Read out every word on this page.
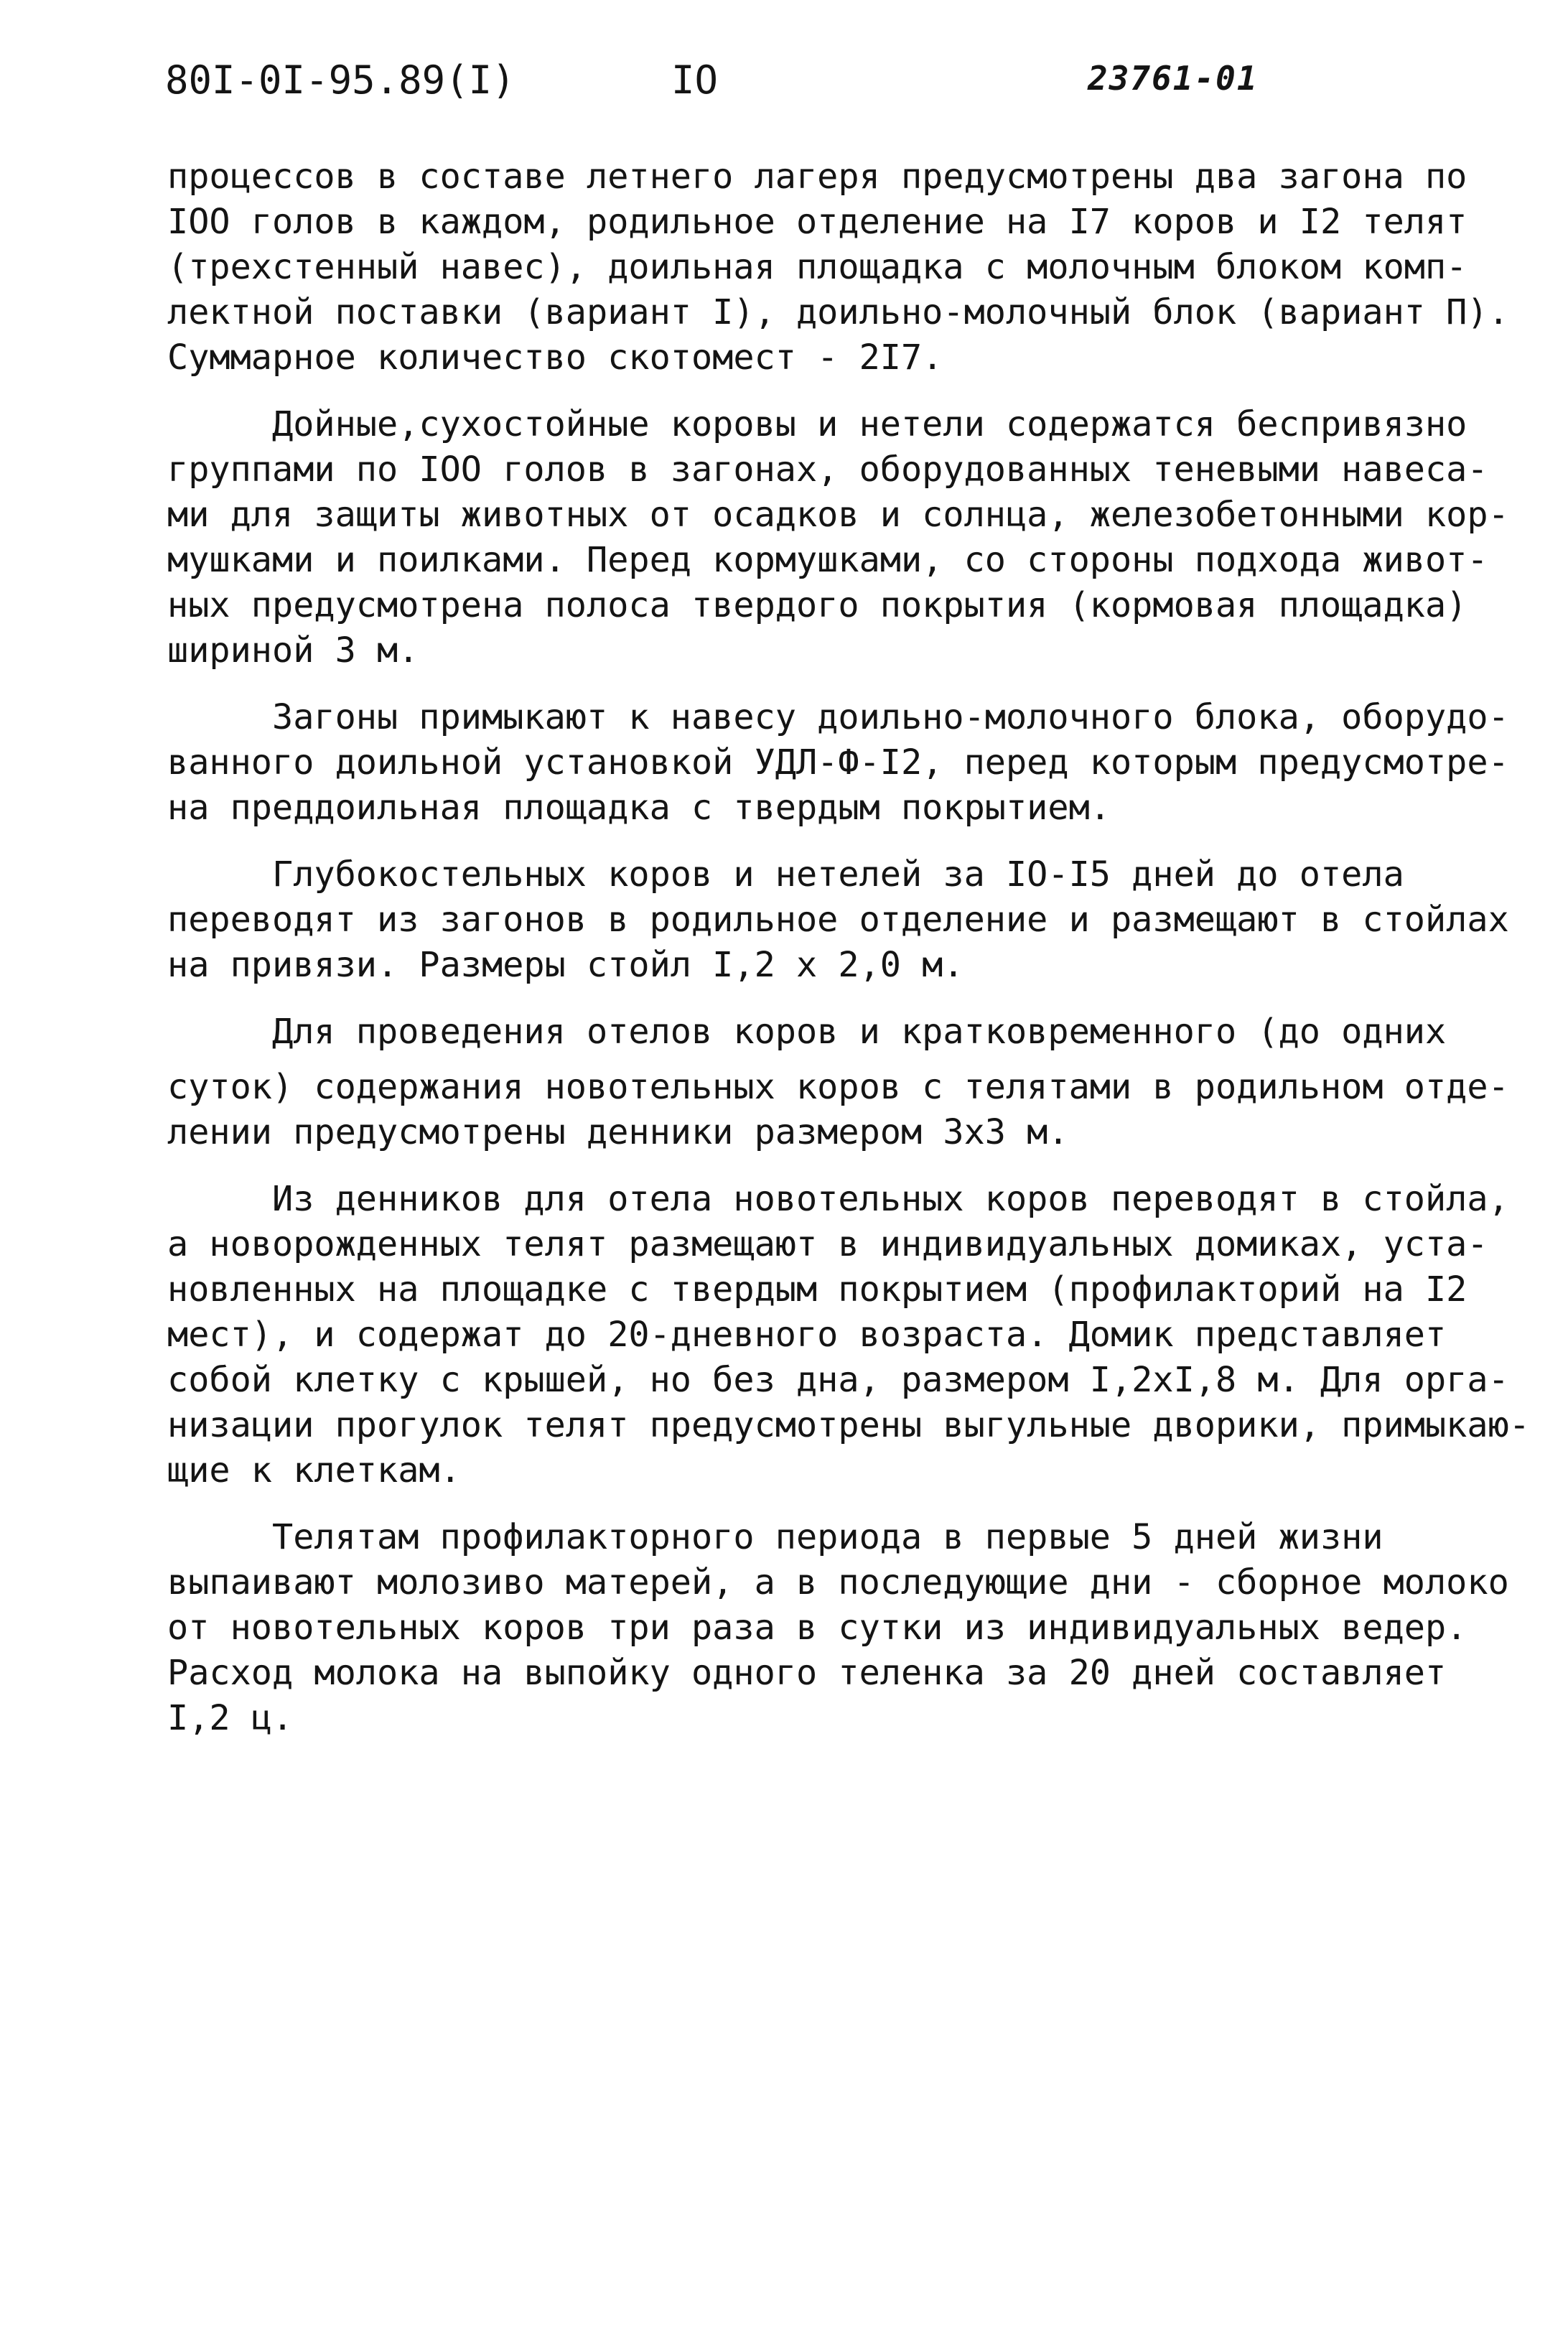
80I-0I-95.89(I)	IO	23761-01
процессов в составе летнего лагеря предусмотрены два загона по
IOO голов в каждом, родильное отделение на I7 коров и I2 телят
(трехстенный навес), доильная площадка с молочным блоком комп-
лектной поставки (вариант I), доильно-молочный блок (вариант П).
Суммарное количество скотомест - 2I7.
Дойные,сухостойные коровы и нетели содержатся беспривязно
группами по IOO голов в загонах, оборудованных теневыми навеса-
ми для защиты животных от осадков и солнца, железобетонными кор-
мушками и поилками. Перед кормушками, со стороны подхода живот-
ных предусмотрена полоса твердого покрытия (кормовая площадка)
шириной 3 м.
Загоны примыкают к навесу доильно-молочного блока, оборудо-
ванного доильной установкой УДЛ-Ф-I2, перед которым предусмотре-
на преддоильная площадка с твердым покрытием.
Глубокостельных коров и нетелей за IO-I5 дней до отела
переводят из загонов в родильное отделение и размещают в стойлах
на привязи. Размеры стойл I,2 х 2,0 м.
Для проведения отелов коров и кратковременного (до одних
суток) содержания новотельных коров с телятами в родильном отде-
лении предусмотрены денники размером 3х3 м.
Из денников для отела новотельных коров переводят в стойла,
а новорожденных телят размещают в индивидуальных домиках, уста-
новленных на площадке с твердым покрытием (профилакторий на I2
мест), и содержат до 20-дневного возраста. Домик представляет
собой клетку с крышей, но без дна, размером I,2хI,8 м. Для орга-
низации прогулок телят предусмотрены выгульные дворики, примыкаю-
щие к клеткам.
Телятам профилакторного периода в первые 5 дней жизни
выпаивают молозиво матерей, а в последующие дни - сборное молоко
от новотельных коров три раза в сутки из индивидуальных ведер.
Расход молока на выпойку одного теленка за 20 дней составляет
I,2 ц.
